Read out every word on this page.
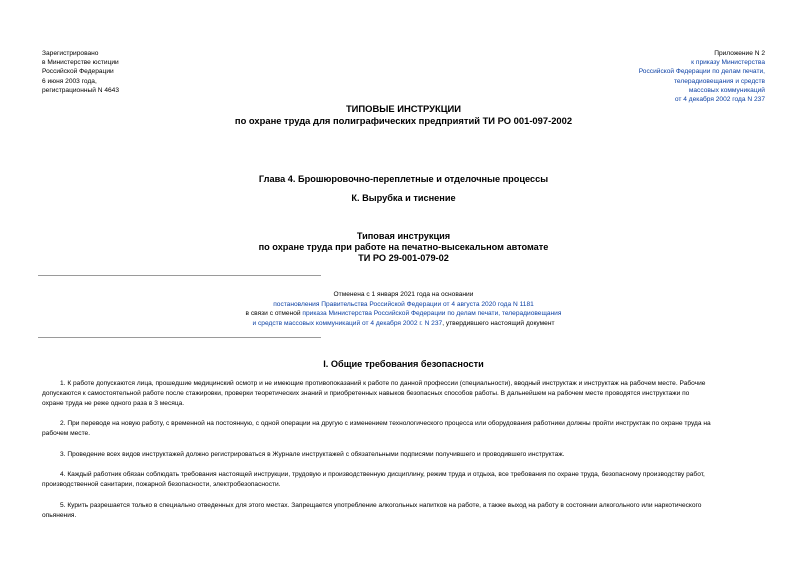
Зарегистрировано
в Министерстве юстиции
Российской Федерации
6 июня 2003 года,
регистрационный N 4643
Приложение N 2
к приказу Министерства
Российской Федерации по делам печати,
телерадиовещания и средств
массовых коммуникаций
от 4 декабря 2002 года N 237
ТИПОВЫЕ ИНСТРУКЦИИ
по охране труда для полиграфических предприятий ТИ РО 001-097-2002
Глава 4. Брошюровочно-переплетные и отделочные процессы
К. Вырубка и тиснение
Типовая инструкция
по охране труда при работе на печатно-высекальном автомате
ТИ РО 29-001-079-02
Отменена с 1 января 2021 года на основании
постановления Правительства Российской Федерации от 4 августа 2020 года N 1181
в связи с отменой приказа Министерства Российской Федерации по делам печати, телерадиовещания
и средств массовых коммуникаций от 4 декабря 2002 г. N 237, утвердившего настоящий документ
I. Общие требования безопасности
1. К работе допускаются лица, прошедшие медицинский осмотр и не имеющие противопоказаний к работе по данной профессии (специальности), вводный инструктаж и инструктаж на рабочем месте. Рабочие
допускаются к самостоятельной работе после стажировки, проверки теоретических знаний и приобретенных навыков безопасных способов работы. В дальнейшем на рабочем месте проводятся инструктажи по
охране труда не реже одного раза в 3 месяца.
2. При переводе на новую работу, с временной на постоянную, с одной операции на другую с изменением технологического процесса или оборудования работники должны пройти инструктаж по охране труда на
рабочем месте.
3. Проведение всех видов инструктажей должно регистрироваться в Журнале инструктажей с обязательными подписями получившего и проводившего инструктаж.
4. Каждый работник обязан соблюдать требования настоящей инструкции, трудовую и производственную дисциплину, режим труда и отдыха, все требования по охране труда, безопасному производству работ,
производственной санитарии, пожарной безопасности, электробезопасности.
5. Курить разрешается только в специально отведенных для этого местах. Запрещается употребление алкогольных напитков на работе, а также выход на работу в состоянии алкогольного или наркотического
опьянения.
